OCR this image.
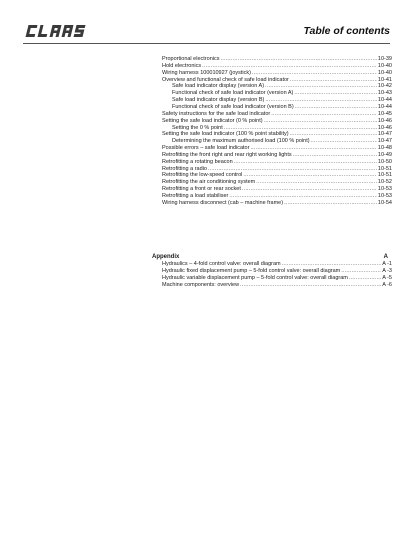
Table of contents
Proportional electronics .....	10-39
Hold electronics .....	10-40
Wiring harness 100010927 (joystick) .....	10-40
Overview and functional check of safe load indicator .....	10-41
Safe load indicator display (version A) .....	10-42
Functional check of safe load indicator (version A) .....	10-43
Safe load indicator display (version B) .....	10-44
Functional check of safe load indicator (version B) .....	10-44
Safety instructions for the safe load indicator .....	10-45
Setting the safe load indicator (0 % point) .....	10-46
Setting the 0 % point .....	10-46
Setting the safe load indicator (100 % point stability) .....	10-47
Determining the maximum authorised load (100 % point) .....	10-47
Possible errors – safe load indicator .....	10-48
Retrofitting the front right and rear right working lights .....	10-49
Retrofitting a rotating beacon .....	10-50
Retrofitting a radio .....	10-51
Retrofitting the low-speed control .....	10-51
Retrofitting the air conditioning system .....	10-52
Retrofitting a front or rear socket .....	10-53
Retrofitting a load stabiliser .....	10-53
Wiring harness disconnect (cab – machine frame) .....	10-54
Hydraulics – 4-fold control valve: overall diagram .....	A -1
Hydraulic fixed displacement pump – 5-fold control valve: overall diagram .....	A -3
Hydraulic variable displacement pump – 5-fold control valve: overall diagram .....	A -5
Machine components: overview .....	A -6
Appendix	A
